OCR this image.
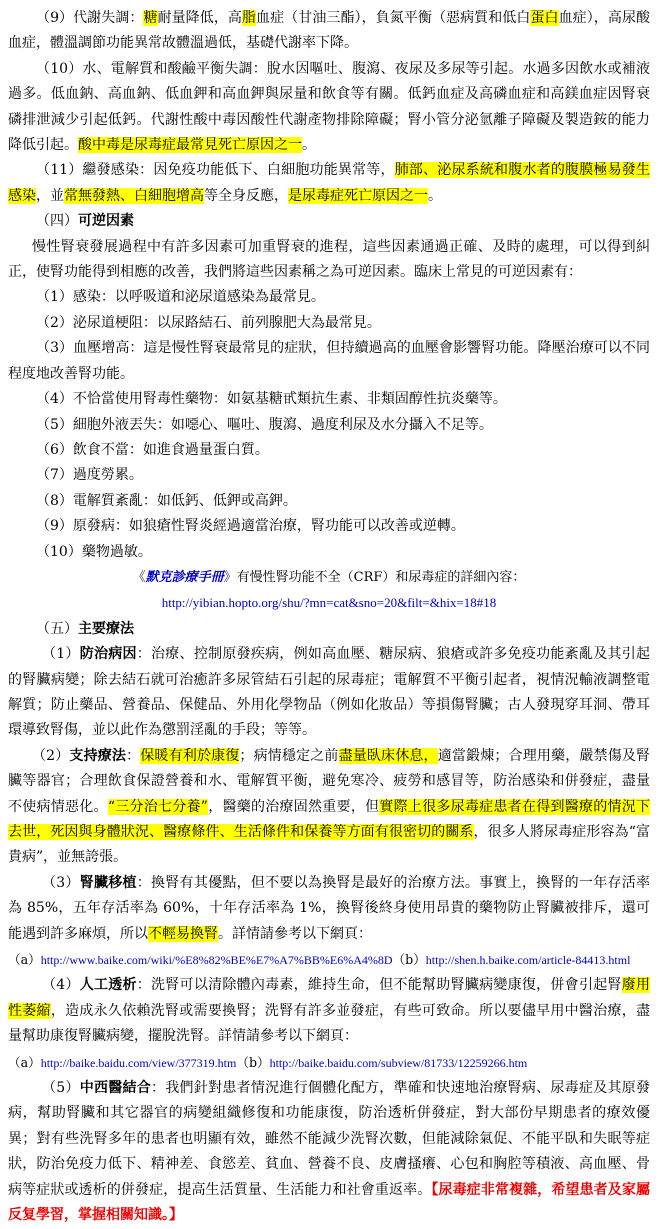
（9）代謝失調：糖耐量降低，高脂血症（甘油三酯），負氮平衡（惡病質和低白蛋白血症），高尿酸血症，體溫調節功能異常故體溫過低，基礎代謝率下降。

（10）水、電解質和酸鹼平衡失調：脫水因嘔吐、腹瀉、夜尿及多尿等引起。水過多因飲水或補液過多。低血鈉、高血鈉、低血鉀和高血鉀與尿量和飲食等有關。低鈣血症及高磷血症和高鎂血症因腎衰磷排泄減少引起低鈣。代謝性酸中毒因酸性代謝產物排除障礙；腎小管分泌氫離子障礙及製造銨的能力降低引起。酸中毒是尿毒症最常見死亡原因之一。

（11）繼發感染：因免疫功能低下、白細胞功能異常等，肺部、泌尿系統和腹水者的腹膜極易發生感染，並常無發熱、白細胞增高等全身反應，是尿毒症死亡原因之一。

（四）可逆因素

慢性腎衰發展過程中有許多因素可加重腎衰的進程，這些因素通過正確、及時的處理，可以得到糾正，使腎功能得到相應的改善，我們將這些因素稱之為可逆因素。臨床上常見的可逆因素有：

（1）感染：以呼吸道和泌尿道感染為最常見。

（2）泌尿道梗阻：以尿路結石、前列腺肥大為最常見。

（3）血壓增高：這是慢性腎衰最常見的症狀，但持續過高的血壓會影響腎功能。降壓治療可以不同程度地改善腎功能。

（4）不恰當使用腎毒性藥物：如氨基糖甙類抗生素、非類固醇性抗炎藥等。

（5）細胞外液丟失：如噁心、嘔吐、腹瀉、過度利尿及水分攝入不足等。

（6）飲食不當：如進食過量蛋白質。

（7）過度勞累。

（8）電解質紊亂：如低鈣、低鉀或高鉀。

（9）原發病：如狼瘡性腎炎經過適當治療，腎功能可以改善或逆轉。

（10）藥物過敏。

《默克診療手冊》有慢性腎功能不全（CRF）和尿毒症的詳細內容：

http://yibian.hopto.org/shu/?mn=cat&sno=20&filt=&hix=18#18

（五）主要療法

（1）防治病因：治療、控制原發疾病，例如高血壓、糖尿病、狼瘡或許多免疫功能紊亂及其引起的腎臟病變；除去結石就可治癒許多尿管結石引起的尿毒症；電解質不平衡引起者，視情況輸液調整電解質；防止藥品、營養品、保健品、外用化學物品（例如化妝品）等損傷腎臟；古人發現穿耳洞、帶耳環導致腎傷，並以此作為懲罰淫亂的手段；等等。

（2）支持療法：保暖有利於康復；病情穩定之前盡量臥床休息，適當鍛煉；合理用藥，嚴禁傷及腎臟等器官；合理飲食保證營養和水、電解質平衡，避免寒冷、疲勞和感冒等，防治感染和併發症，盡量不使病情惡化。“三分治七分養”，醫藥的治療固然重要，但實際上很多尿毒症患者在得到醫療的情況下去世，死因與身體狀況、醫療條件、生活條件和保養等方面有很密切的關系，很多人將尿毒症形容為“富貴病”，並無誇張。

（3）腎臟移植：換腎有其優點，但不要以為換腎是最好的治療方法。事實上，換腎的一年存活率為 85%，五年存活率為 60%，十年存活率為 1%，換腎後終身使用昂貴的藥物防止腎臟被排斥，還可能遇到許多麻煩，所以不輕易換腎。詳情請參考以下網頁：

（a）http://www.baike.com/wiki/%E8%82%BE%E7%A7%BB%E6%A4%8D（b）http://shen.h.baike.com/article-84413.html

（4）人工透析：洗腎可以清除體內毒素，維持生命，但不能幫助腎臟病變康復，併會引起腎廢用性萎縮，造成永久依賴洗腎或需要換腎；洗腎有許多並發症，有些可致命。所以要儘早用中醫治療，盡量幫助康復腎臟病變，擺脫洗腎。詳情請參考以下網頁：

（a）http://baike.baidu.com/view/377319.htm（b）http://baike.baidu.com/subview/81733/12259266.htm

（5）中西醫結合：我們針對患者情況進行個體化配方，準確和快速地治療腎病、尿毒症及其原發病，幫助腎臟和其它器官的病變組織修復和功能康復，防治透析併發症，對大部份早期患者的療效優異；對有些洗腎多年的患者也明顯有效，雖然不能減少洗腎次數，但能減除氣促、不能平臥和失眠等症狀，防治免疫力低下、精神差、食慾差、貧血、營養不良、皮膚搔癢、心包和胸腔等積液、高血壓、骨病等症狀或透析的併發症，提高生活質量、生活能力和社會重返率。【尿毒症非常複雜，希望患者及家屬反复學習，掌握相關知識。】
